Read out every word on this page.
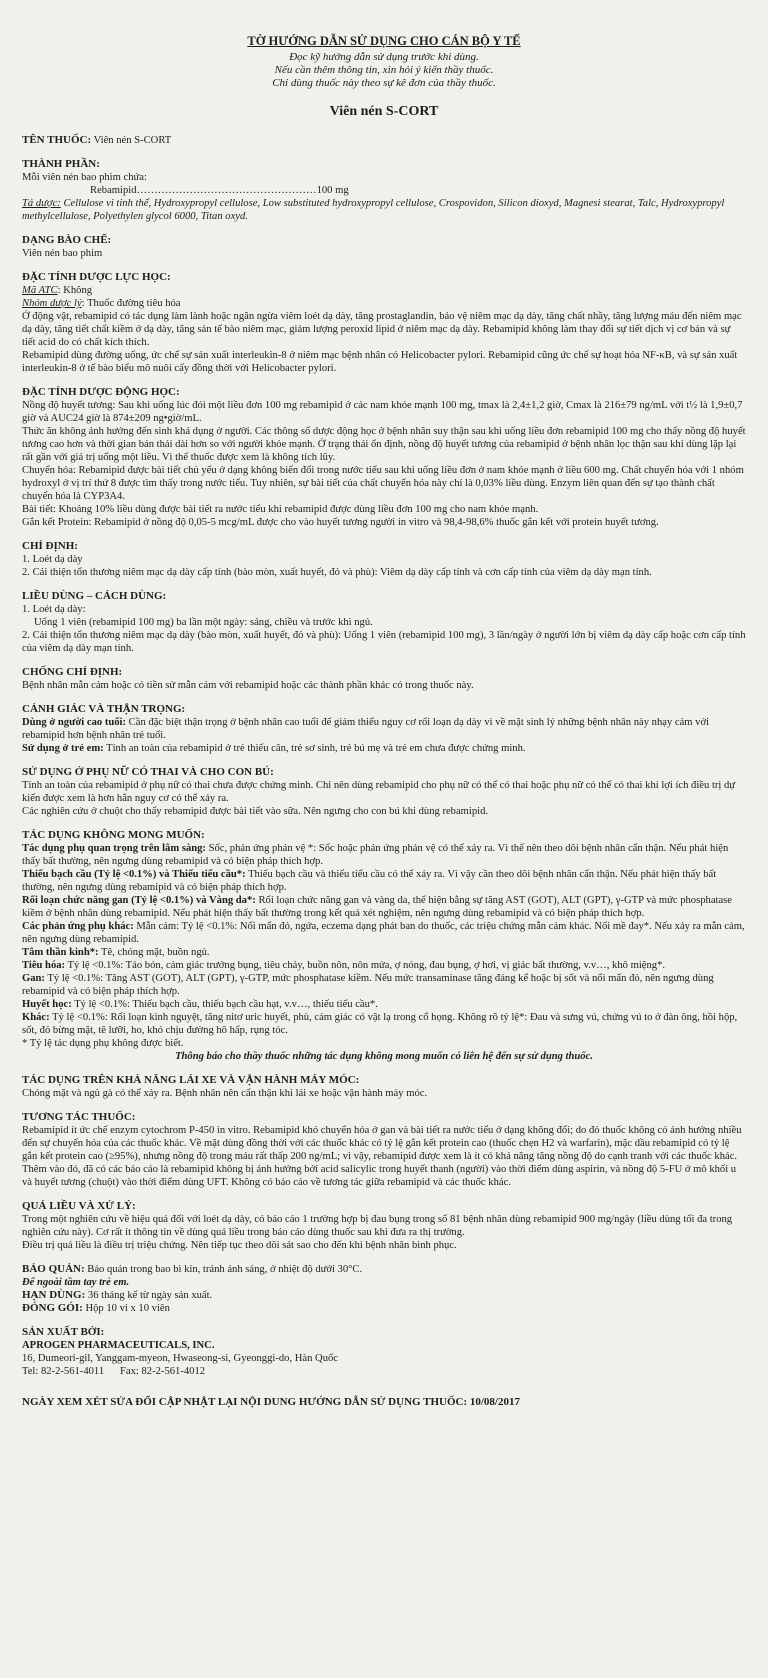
TỜ HƯỚNG DẪN SỬ DỤNG CHO CÁN BỘ Y TẾ
Đọc kỹ hướng dẫn sử dụng trước khi dùng.
Nếu cần thêm thông tin, xin hỏi ý kiến thầy thuốc.
Chỉ dùng thuốc này theo sự kê đơn của thầy thuốc.
Viên nén S-CORT
TÊN THUỐC: Viên nén S-CORT
THÀNH PHẦN:
Mỗi viên nén bao phim chứa:
Rebamipid……………………………………………100 mg
Tá dược: Cellulose vi tinh thể, Hydroxypropyl cellulose, Low substituted hydroxypropyl cellulose, Crospovidon, Silicon dioxyd, Magnesi stearat, Talc, Hydroxypropyl methylcellulose, Polyethylen glycol 6000, Titan oxyd.
DẠNG BÀO CHẾ:
Viên nén bao phim
ĐẶC TÍNH DƯỢC LỰC HỌC:
Mã ATC: Không
Nhóm dược lý: Thuốc đường tiêu hóa
Ở động vật, rebamipid có tác dụng làm lành hoặc ngăn ngừa viêm loét dạ dày, tăng prostaglandin, bảo vệ niêm mạc dạ dày, tăng chất nhầy, tăng lượng máu đến niêm mạc dạ dày, tăng tiết chất kiềm ở dạ dày, tăng sản tế bào niêm mạc, giảm lượng peroxid lipid ở niêm mạc dạ dày. Rebamipid không làm thay đổi sự tiết dịch vị cơ bản và sự tiết acid do có chất kích thích.
Rebamipid dùng đường uống, ức chế sự sản xuất interleukin-8 ở niêm mạc bệnh nhân có Helicobacter pylori. Rebamipid cũng ức chế sự hoạt hóa NF-κB, và sự sản xuất interleukin-8 ở tế bào biểu mô nuôi cấy đồng thời với Helicobacter pylori.
ĐẶC TÍNH DƯỢC ĐỘNG HỌC:
Nồng độ huyết tương: Sau khi uống lúc đói một liều đơn 100 mg rebamipid ở các nam khỏe mạnh 100 mg, tmax là 2,4±1,2 giờ, Cmax là 216±79 ng/mL với t½ là 1,9±0,7 giờ và AUC24 giờ là 874±209 ng•giờ/mL.
Thức ăn không ảnh hưởng đến sinh khả dụng ở người. Các thông số dược động học ở bệnh nhân suy thận sau khi uống liều đơn rebamipid 100 mg cho thấy nồng độ huyết tương cao hơn và thời gian bán thải dài hơn so với người khỏe mạnh. Ở trạng thái ổn định, nồng độ huyết tương của rebamipid ở bệnh nhân lọc thận sau khi dùng lặp lại rất gần với giá trị uống một liều. Vì thế thuốc được xem là không tích lũy.
Chuyển hóa: Rebamipid được bài tiết chủ yếu ở dạng không biến đổi trong nước tiểu sau khi uống liều đơn ở nam khỏe mạnh ở liều 600 mg. Chất chuyển hóa với 1 nhóm hydroxyl ở vị trí thứ 8 được tìm thấy trong nước tiểu. Tuy nhiên, sự bài tiết của chất chuyển hóa này chỉ là 0,03% liều dùng. Enzym liên quan đến sự tạo thành chất chuyển hóa là CYP3A4.
Bài tiết: Khoảng 10% liều dùng được bài tiết ra nước tiểu khi rebamipid được dùng liều đơn 100 mg cho nam khỏe mạnh.
Gắn kết Protein: Rebamipid ở nồng độ 0,05-5 mcg/mL được cho vào huyết tương người in vitro và 98,4-98,6% thuốc gắn kết với protein huyết tương.
CHỈ ĐỊNH:
1. Loét dạ dày
2. Cải thiện tổn thương niêm mạc dạ dày cấp tính (bào mòn, xuất huyết, đỏ và phù): Viêm dạ dày cấp tính và cơn cấp tính của viêm dạ dày mạn tính.
LIỀU DÙNG – CÁCH DÙNG:
1. Loét dạ dày:
Uống 1 viên (rebamipid 100 mg) ba lần một ngày: sáng, chiều và trước khi ngủ.
2. Cải thiện tổn thương niêm mạc dạ dày (bào mòn, xuất huyết, đỏ và phù): Uống 1 viên (rebamipid 100 mg), 3 lần/ngày ở người lớn bị viêm dạ dày cấp hoặc cơn cấp tính của viêm dạ dày mạn tính.
CHỐNG CHỈ ĐỊNH:
Bệnh nhân mẫn cảm hoặc có tiền sử mẫn cảm với rebamipid hoặc các thành phần khác có trong thuốc này.
CẢNH GIÁC VÀ THẬN TRỌNG:
Dùng ở người cao tuổi: Cần đặc biệt thận trọng ở bệnh nhân cao tuổi để giảm thiểu nguy cơ rối loạn dạ dày vì về mặt sinh lý những bệnh nhân này nhạy cảm với rebamipid hơn bệnh nhân trẻ tuổi.
Sử dụng ở trẻ em: Tính an toàn của rebamipid ở trẻ thiếu cân, trẻ sơ sinh, trẻ bú mẹ và trẻ em chưa được chứng minh.
SỬ DỤNG Ở PHỤ NỮ CÓ THAI VÀ CHO CON BÚ:
Tính an toàn của rebamipid ở phụ nữ có thai chưa được chứng minh. Chỉ nên dùng rebamipid cho phụ nữ có thể có thai hoặc phụ nữ có thể có thai khi lợi ích điều trị dự kiến được xem là hơn hẳn nguy cơ có thể xảy ra.
Các nghiên cứu ở chuột cho thấy rebamipid được bài tiết vào sữa. Nên ngưng cho con bú khi dùng rebamipid.
TÁC DỤNG KHÔNG MONG MUỐN:
Tác dụng phụ quan trọng trên lâm sàng: Sốc, phản ứng phản vệ *: Sốc hoặc phản ứng phản vệ có thể xảy ra. Vì thế nên theo dõi bệnh nhân cẩn thận. Nếu phát hiện thấy bất thường, nên ngưng dùng rebamipid và có biện pháp thích hợp.
Thiếu bạch cầu (Tỷ lệ <0.1%) và Thiếu tiểu cầu*: Thiếu bạch cầu và thiếu tiểu cầu có thể xảy ra. Vì vậy cần theo dõi bệnh nhân cẩn thận. Nếu phát hiện thấy bất thường, nên ngưng dùng rebamipid và có biện pháp thích hợp.
Rối loạn chức năng gan (Tỷ lệ <0.1%) và Vàng da*: Rối loạn chức năng gan và vàng da, thể hiện bằng sự tăng AST (GOT), ALT (GPT), γ-GTP và mức phosphatase kiềm ở bệnh nhân dùng rebamipid. Nếu phát hiện thấy bất thường trong kết quả xét nghiệm, nên ngưng dùng rebamipid và có biện pháp thích hợp.
Các phản ứng phụ khác: Mẫn cảm: Tỷ lệ <0.1%: Nổi mẩn đỏ, ngứa, eczema dạng phát ban do thuốc, các triệu chứng mẫn cảm khác. Nổi mề đay*. Nếu xảy ra mẫn cảm, nên ngưng dùng rebamipid.
Tâm thần kinh*: Tê, chóng mặt, buồn ngủ.
Tiêu hóa: Tỷ lệ <0.1%: Táo bón, cảm giác trướng bụng, tiêu chảy, buồn nôn, nôn mửa, ợ nóng, đau bụng, ợ hơi, vị giác bất thường, v.v…, khô miệng*.
Gan: Tỷ lệ <0.1%: Tăng AST (GOT), ALT (GPT), γ-GTP, mức phosphatase kiềm. Nếu mức transaminase tăng đáng kể hoặc bị sốt và nổi mẩn đỏ, nên ngưng dùng rebamipid và có biện pháp thích hợp.
Huyết học: Tỷ lệ <0.1%: Thiếu bạch cầu, thiếu bạch cầu hạt, v.v…, thiếu tiểu cầu*.
Khác: Tỷ lệ <0.1%: Rối loạn kinh nguyệt, tăng nitơ uric huyết, phù, cảm giác có vật lạ trong cổ họng. Không rõ tỷ lệ*: Đau và sưng vú, chứng vú to ở đàn ông, hồi hộp, sốt, đỏ bừng mặt, tê lưỡi, ho, khó chịu đường hô hấp, rụng tóc.
* Tỷ lệ tác dụng phụ không được biết.
Thông báo cho thầy thuốc những tác dụng không mong muốn có liên hệ đến sự sử dụng thuốc.
TÁC DỤNG TRÊN KHẢ NĂNG LÁI XE VÀ VẬN HÀNH MÁY MÓC:
Chóng mặt và ngủ gà có thể xảy ra. Bệnh nhân nên cẩn thận khi lái xe hoặc vận hành máy móc.
TƯƠNG TÁC THUỐC:
Rebamipid ít ức chế enzym cytochrom P-450 in vitro. Rebamipid khó chuyển hóa ở gan và bài tiết ra nước tiểu ở dạng không đổi; do đó thuốc không có ảnh hưởng nhiều đến sự chuyển hóa của các thuốc khác. Về mặt dùng đồng thời với các thuốc khác có tỷ lệ gắn kết protein cao (thuốc chẹn H2 và warfarin), mặc dầu rebamipid có tỷ lệ gắn kết protein cao (≥95%), nhưng nồng độ trong máu rất thấp 200 ng/mL; vì vậy, rebamipid được xem là ít có khả năng tăng nồng độ do cạnh tranh với các thuốc khác. Thêm vào đó, đã có các báo cáo là rebamipid không bị ảnh hưởng bởi acid salicylic trong huyết thanh (người) vào thời điểm dùng aspirin, và nồng độ 5-FU ở mô khối u và huyết tương (chuột) vào thời điểm dùng UFT. Không có báo cáo về tương tác giữa rebamipid và các thuốc khác.
QUÁ LIỀU VÀ XỬ LÝ:
Trong một nghiên cứu về hiệu quả đối với loét dạ dày, có báo cáo 1 trường hợp bị đau bụng trong số 81 bệnh nhân dùng rebamipid 900 mg/ngày (liều dùng tối đa trong nghiên cứu này). Cơ rất ít thông tin về dùng quá liều trong báo cáo dùng thuốc sau khi đưa ra thị trường.
Điều trị quá liều là điều trị triệu chứng. Nên tiếp tục theo dõi sát sao cho đến khi bệnh nhân bình phục.
BẢO QUẢN: Bảo quản trong bao bì kín, tránh ánh sáng, ở nhiệt độ dưới 30°C.
Để ngoài tầm tay trẻ em.
HẠN DÙNG: 36 tháng kể từ ngày sản xuất.
ĐÓNG GÓI: Hộp 10 vỉ x 10 viên
SẢN XUẤT BỞI:
APROGEN PHARMACEUTICALS, INC.
16, Dumeori-gil, Yanggam-myeon, Hwaseong-si, Gyeonggi-do, Hàn Quốc
Tel: 82-2-561-4011      Fax: 82-2-561-4012
NGÀY XEM XÉT SỬA ĐỔI CẬP NHẬT LẠI NỘI DUNG HƯỚNG DẪN SỬ DỤNG THUỐC: 10/08/2017
